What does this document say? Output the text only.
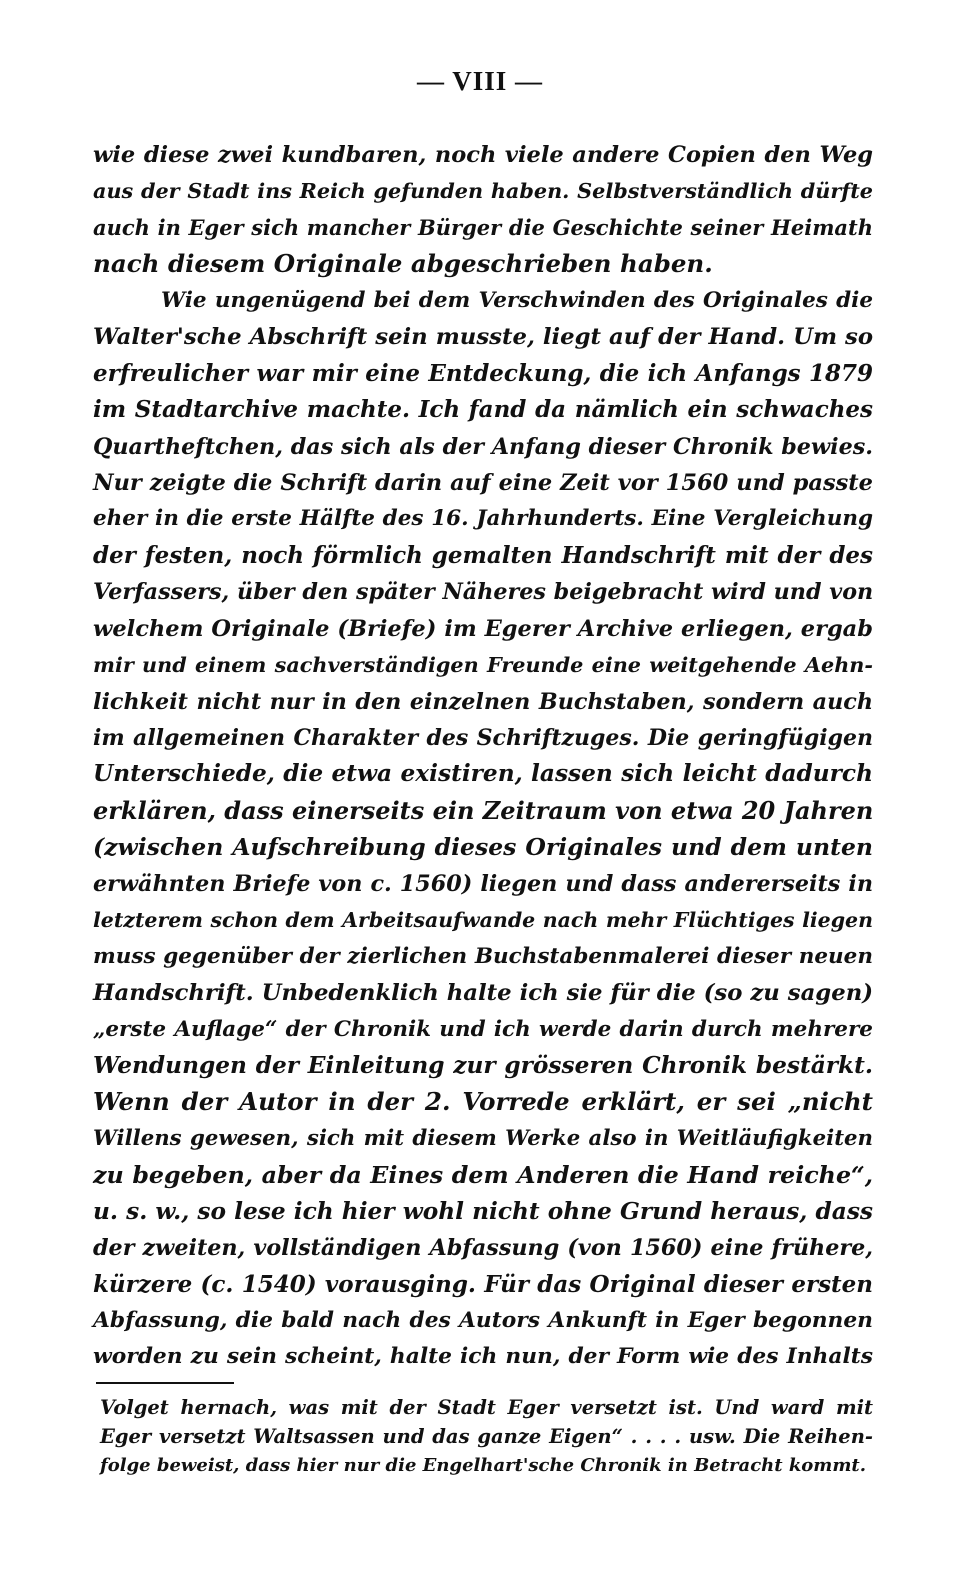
— VIII —
wie diese zwei kundbaren, noch viele andere Copien den Weg
aus der Stadt ins Reich gefunden haben. Selbstverständlich dürfte
auch in Eger sich mancher Bürger die Geschichte seiner Heimath
nach diesem Originale abgeschrieben haben.
Wie ungenügend bei dem Verschwinden des Originales die
Walter'sche Abschrift sein musste, liegt auf der Hand. Um so
erfreulicher war mir eine Entdeckung, die ich Anfangs 1879
im Stadtarchive machte. Ich fand da nämlich ein schwaches
Quartheftchen, das sich als der Anfang dieser Chronik bewies.
Nur zeigte die Schrift darin auf eine Zeit vor 1560 und passte
eher in die erste Hälfte des 16. Jahrhunderts. Eine Vergleichung
der festen, noch förmlich gemalten Handschrift mit der des
Verfassers, über den später Näheres beigebracht wird und von
welchem Originale (Briefe) im Egerer Archive erliegen, ergab
mir und einem sachverständigen Freunde eine weitgehende Aehn-
lichkeit nicht nur in den einzelnen Buchstaben, sondern auch
im allgemeinen Charakter des Schriftzuges. Die geringfügigen
Unterschiede, die etwa existiren, lassen sich leicht dadurch
erklären, dass einerseits ein Zeitraum von etwa 20 Jahren
(zwischen Aufschreibung dieses Originales und dem unten
erwähnten Briefe von c. 1560) liegen und dass andererseits in
letzterem schon dem Arbeitsaufwande nach mehr Flüchtiges liegen
muss gegenüber der zierlichen Buchstabenmalerei dieser neuen
Handschrift. Unbedenklich halte ich sie für die (so zu sagen)
„erste Auflage“ der Chronik und ich werde darin durch mehrere
Wendungen der Einleitung zur grösseren Chronik bestärkt.
Wenn der Autor in der 2. Vorrede erklärt, er sei „nicht
Willens gewesen, sich mit diesem Werke also in Weitläufigkeiten
zu begeben, aber da Eines dem Anderen die Hand reiche“,
u. s. w., so lese ich hier wohl nicht ohne Grund heraus, dass
der zweiten, vollständigen Abfassung (von 1560) eine frühere,
kürzere (c. 1540) vorausging. Für das Original dieser ersten
Abfassung, die bald nach des Autors Ankunft in Eger begonnen
worden zu sein scheint, halte ich nun, der Form wie des Inhalts
Volget hernach, was mit der Stadt Eger versetzt ist. Und ward mit
Eger versetzt Waltsassen und das ganze Eigen“ . . . . usw. Die Reihen-
folge beweist, dass hier nur die Engelhart'sche Chronik in Betracht kommt.
